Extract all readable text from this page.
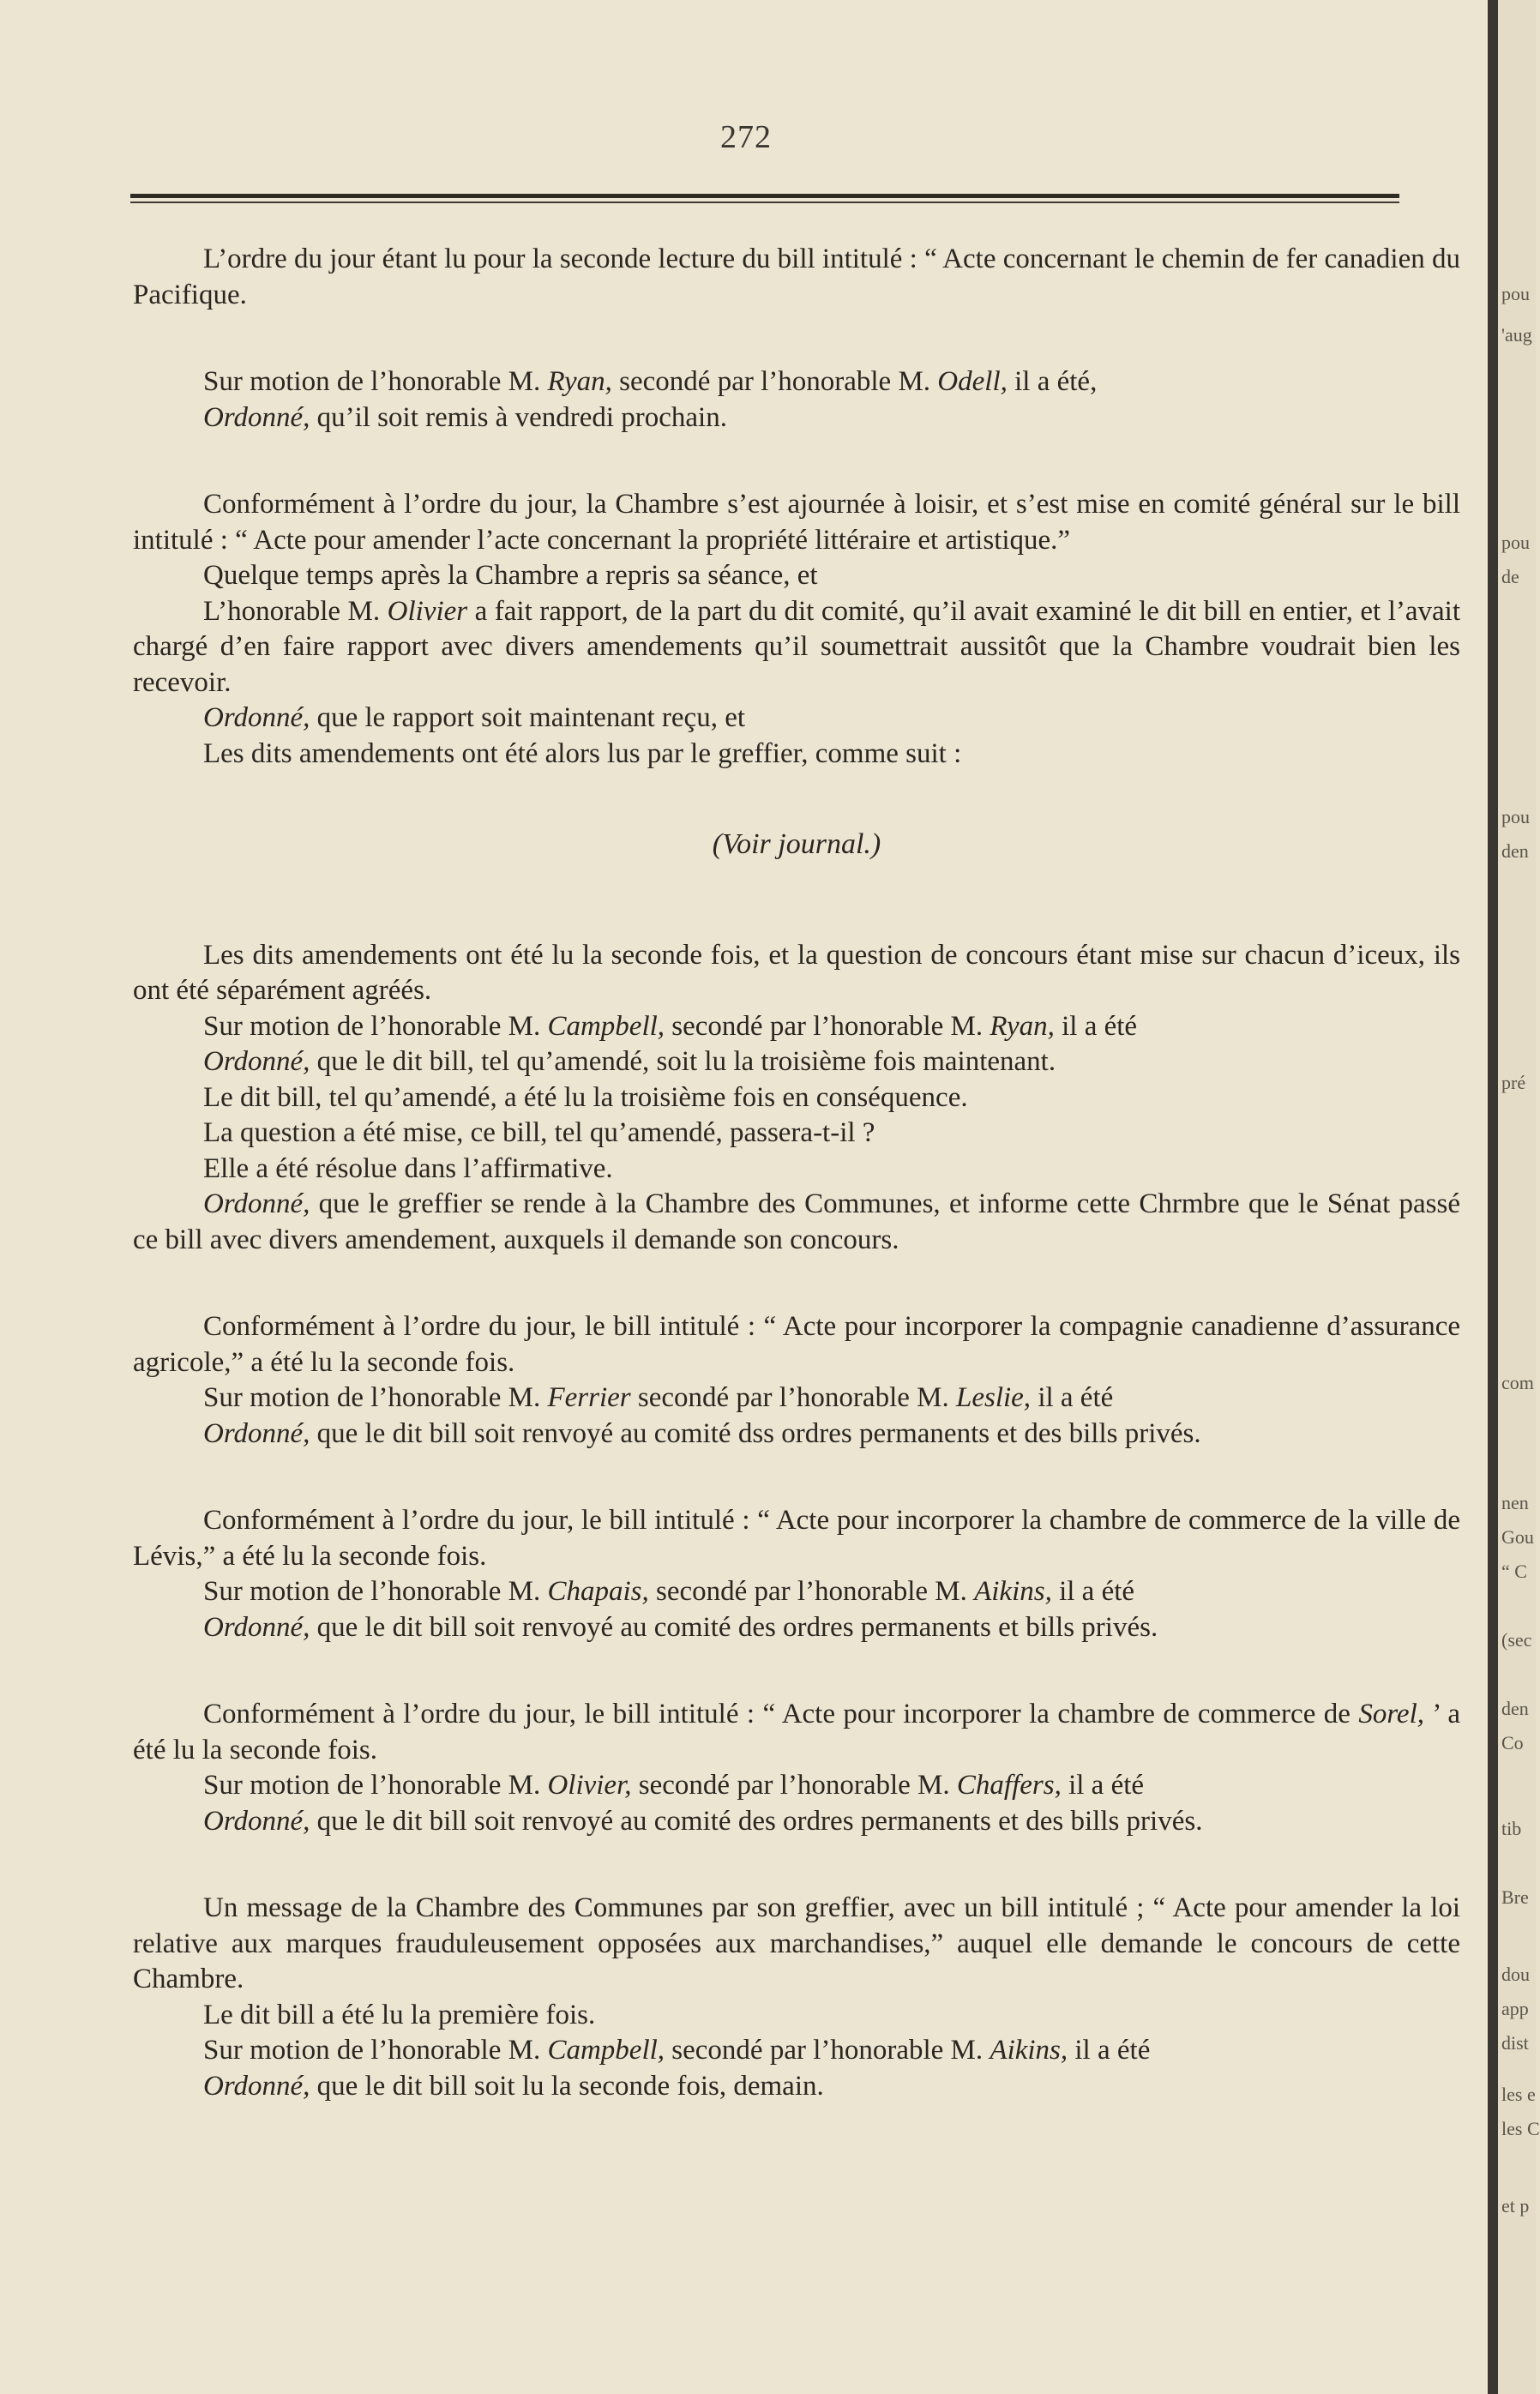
272

L’ordre du jour étant lu pour la seconde lecture du bill intitulé : “ Acte concernant le chemin de fer canadien du Pacifique.

Sur motion de l’honorable M. Ryan, secondé par l’honorable M. Odell, il a été,

Ordonné, qu’il soit remis à vendredi prochain.

Conformément à l’ordre du jour, la Chambre s’est ajournée à loisir, et s’est mise en comité général sur le bill intitulé : “ Acte pour amender l’acte concernant la propriété littéraire et artistique.”

Quelque temps après la Chambre a repris sa séance, et

L’honorable M. Olivier a fait rapport, de la part du dit comité, qu’il avait examiné le dit bill en entier, et l’avait chargé d’en faire rapport avec divers amendements qu’il soumettrait aussitôt que la Chambre voudrait bien les recevoir.

Ordonné, que le rapport soit maintenant reçu, et

Les dits amendements ont été alors lus par le greffier, comme suit :

(Voir journal.)

Les dits amendements ont été lu la seconde fois, et la question de concours étant mise sur chacun d’iceux, ils ont été séparément agréés.

Sur motion de l’honorable M. Campbell, secondé par l’honorable M. Ryan, il a été

Ordonné, que le dit bill, tel qu’amendé, soit lu la troisième fois maintenant.

Le dit bill, tel qu’amendé, a été lu la troisième fois en conséquence.

La question a été mise, ce bill, tel qu’amendé, passera-t-il ?

Elle a été résolue dans l’affirmative.

Ordonné, que le greffier se rende à la Chambre des Communes, et informe cette Chrmbre que le Sénat passé ce bill avec divers amendement, auxquels il demande son concours.

Conformément à l’ordre du jour, le bill intitulé : “ Acte pour incorporer la compagnie canadienne d’assurance agricole,” a été lu la seconde fois.

Sur motion de l’honorable M. Ferrier secondé par l’honorable M. Leslie, il a été

Ordonné, que le dit bill soit renvoyé au comité dss ordres permanents et des bills privés.

Conformément à l’ordre du jour, le bill intitulé : “ Acte pour incorporer la chambre de commerce de la ville de Lévis,” a été lu la seconde fois.

Sur motion de l’honorable M. Chapais, secondé par l’honorable M. Aikins, il a été

Ordonné, que le dit bill soit renvoyé au comité des ordres permanents et bills privés.

Conformément à l’ordre du jour, le bill intitulé : “ Acte pour incorporer la chambre de commerce de Sorel, ’ a été lu la seconde fois.

Sur motion de l’honorable M. Olivier, secondé par l’honorable M. Chaffers, il a été

Ordonné, que le dit bill soit renvoyé au comité des ordres permanents et des bills privés.

Un message de la Chambre des Communes par son greffier, avec un bill intitulé ; “ Acte pour amender la loi relative aux marques frauduleusement opposées aux marchandises,” auquel elle demande le concours de cette Chambre.

Le dit bill a été lu la première fois.

Sur motion de l’honorable M. Campbell, secondé par l’honorable M. Aikins, il a été

Ordonné, que le dit bill soit lu la seconde fois, demain.

pou
'aug
pou
de
pou
den
pré
com
nen
Gou
“ C
(sec
den
Co
tib
Bre
dou
app
dist
les e
les C
et p
